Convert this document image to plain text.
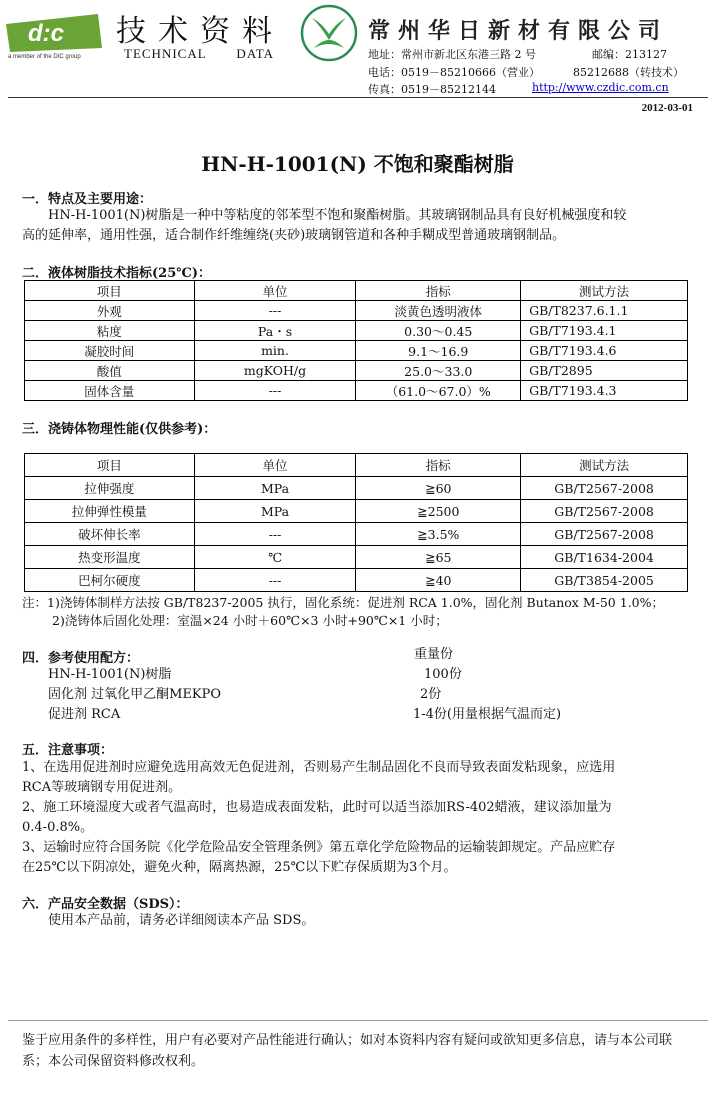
d:c
a member of the DIC group
技术资料
TECHNICAL DATA
常州华日新材有限公司
地址：常州市新北区东港三路 2 号	邮编：213127
电话：0519－85210666（营业）	85212688（转技术）
传真：0519－85212144	http://www.czdic.com.cn
2012-03-01
HN-H-1001(N) 不饱和聚酯树脂
一．特点及主要用途：
HN-H-1001(N)树脂是一种中等粘度的邻苯型不饱和聚酯树脂。其玻璃钢制品具有良好机械强度和较
高的延伸率，通用性强，适合制作纤维缠绕(夹砂)玻璃钢管道和各种手糊成型普通玻璃钢制品。
二．液体树脂技术指标(25℃)：
项目	单位	指标	测试方法
外观	---	淡黄色透明液体	GB/T8237.6.1.1
粘度	Pa・s	0.30～0.45	GB/T7193.4.1
凝胶时间	min.	9.1～16.9	GB/T7193.4.6
酸值	mgKOH/g	25.0～33.0	GB/T2895
固体含量	---	（61.0～67.0）%	GB/T7193.4.3
三．浇铸体物理性能(仅供参考)：
项目	单位	指标	测试方法
拉伸强度	MPa	≧60	GB/T2567-2008
拉伸弹性模量	MPa	≧2500	GB/T2567-2008
破坏伸长率	---	≧3.5%	GB/T2567-2008
热变形温度	℃	≧65	GB/T1634-2004
巴柯尔硬度	---	≧40	GB/T3854-2005
注：1)浇铸体制样方法按 GB/T8237-2005 执行，固化系统：促进剂 RCA 1.0%，固化剂 Butanox M-50 1.0%；
2)浇铸体后固化处理：室温×24 小时＋60℃×3 小时+90℃×1 小时；
四．参考使用配方：	重量份
HN-H-1001(N)树脂	100份
固化剂 过氧化甲乙酮MEKPO	2份
促进剂 RCA	1-4份(用量根据气温而定)
五．注意事项：
1、在选用促进剂时应避免选用高效无色促进剂，否则易产生制品固化不良而导致表面发粘现象，应选用
RCA等玻璃钢专用促进剂。
2、施工环境湿度大或者气温高时，也易造成表面发粘，此时可以适当添加RS-402蜡液，建议添加量为
0.4-0.8%。
3、运输时应符合国务院《化学危险品安全管理条例》第五章化学危险物品的运输装卸规定。产品应贮存
在25℃以下阴凉处，避免火种，隔离热源，25℃以下贮存保质期为3个月。
六．产品安全数据（SDS）：
使用本产品前，请务必详细阅读本产品 SDS。
鉴于应用条件的多样性，用户有必要对产品性能进行确认；如对本资料内容有疑问或欲知更多信息，请与本公司联系；本公司保留资料修改权利。
